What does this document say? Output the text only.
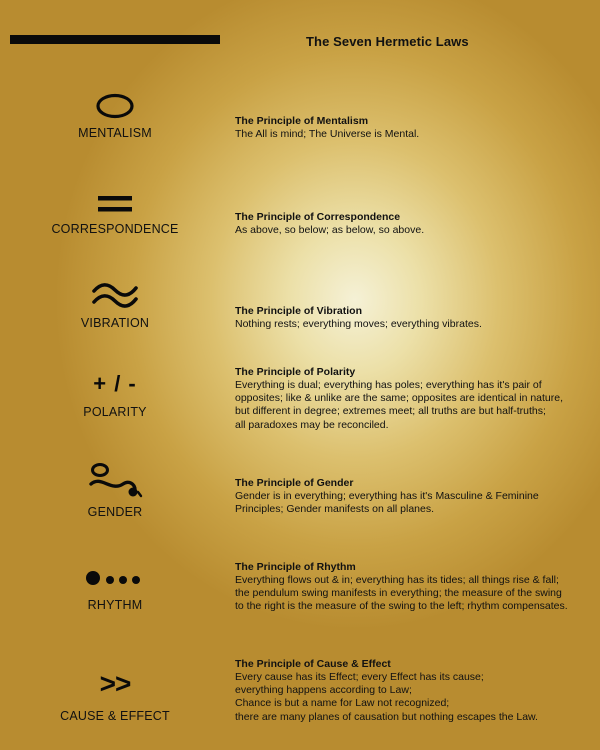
The Seven Hermetic Laws
MENTALISM
The Principle of Mentalism
The All is mind; The Universe is Mental.
CORRESPONDENCE
The Principle of Correspondence
As above, so below; as below, so above.
VIBRATION
The Principle of Vibration
Nothing rests; everything moves; everything vibrates.
+ / -
POLARITY
The Principle of Polarity
Everything is dual; everything has poles; everything has it's pair of
opposites; like & unlike are the same; opposites are identical in nature,
but different in degree; extremes meet; all truths are but half-truths;
all paradoxes may be reconciled.
GENDER
The Principle of Gender
Gender is in everything; everything has it's Masculine & Feminine
Principles; Gender manifests on all planes.
RHYTHM
The Principle of Rhythm
Everything flows out & in; everything has its tides; all things rise & fall;
the pendulum swing manifests in everything; the measure of the swing
to the right is the measure of the swing to the left; rhythm compensates.
>>
CAUSE & EFFECT
The Principle of Cause & Effect
Every cause has its Effect; every Effect has its cause;
everything happens according to Law;
Chance is but a name for Law not recognized;
there are many planes of causation but nothing escapes the Law.
